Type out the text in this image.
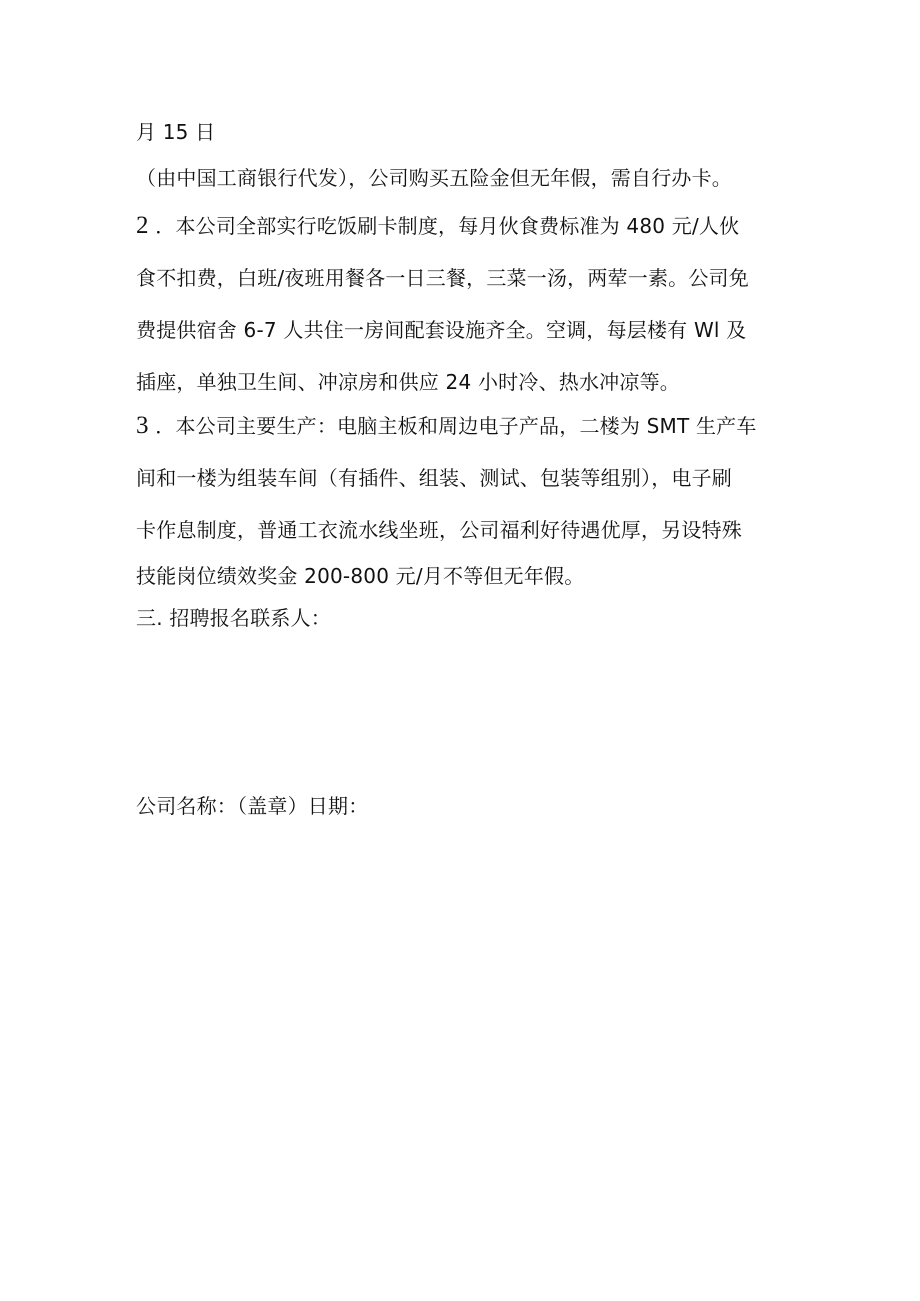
月 15 日
（由中国工商银行代发），公司购买五险金但无年假，需自行办卡。
2 ．本公司全部实行吃饭刷卡制度，每月伙食费标准为 480 元/人伙
食不扣费，白班/夜班用餐各一日三餐，三菜一汤，两荤一素。公司免
费提供宿舍 6-7 人共住一房间配套设施齐全。空调，每层楼有 Wl 及
插座，单独卫生间、冲凉房和供应 24 小时冷、热水冲凉等。
3 ．本公司主要生产：电脑主板和周边电子产品，二楼为 SMT 生产车
间和一楼为组装车间（有插件、组装、测试、包装等组别），电子刷
卡作息制度，普通工衣流水线坐班，公司福利好待遇优厚，另设特殊
技能岗位绩效奖金 200-800 元/月不等但无年假。
三. 招聘报名联系人：
公司名称：（盖章）日期：
